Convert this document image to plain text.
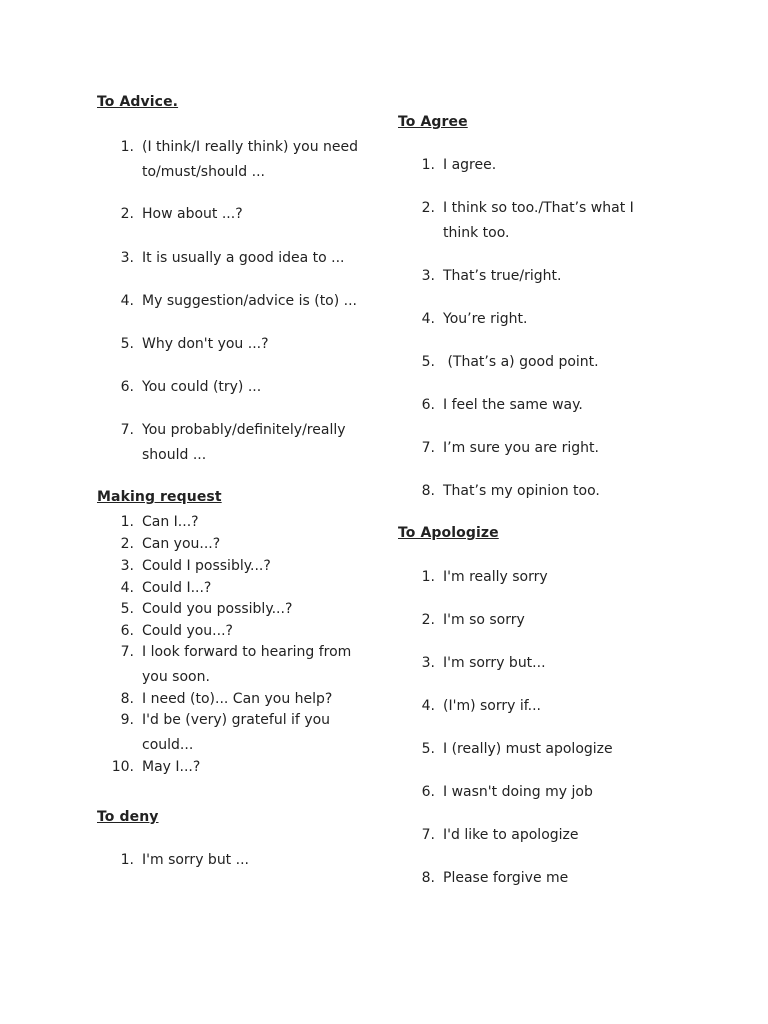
To Advice.
1. (I think/I really think) you need
to/must/should ...
2. How about ...?
3. It is usually a good idea to ...
4. My suggestion/advice is (to) ...
5. Why don't you ...?
6. You could (try) ...
7. You probably/definitely/really
should ...
Making request
1. Can I...?
2. Can you...?
3. Could I possibly...?
4. Could I...?
5. Could you possibly...?
6. Could you...?
7. I look forward to hearing from
you soon.
8. I need (to)... Can you help?
9. I'd be (very) grateful if you
could...
10. May I...?
To deny
1. I'm sorry but ...
To Agree
1. I agree.
2. I think so too./That’s what I
think too.
3. That’s true/right.
4. You’re right.
5. (That’s a) good point.
6. I feel the same way.
7. I’m sure you are right.
8. That’s my opinion too.
To Apologize
1. I'm really sorry
2. I'm so sorry
3. I'm sorry but...
4. (I'm) sorry if...
5. I (really) must apologize
6. I wasn't doing my job
7. I'd like to apologize
8. Please forgive me
